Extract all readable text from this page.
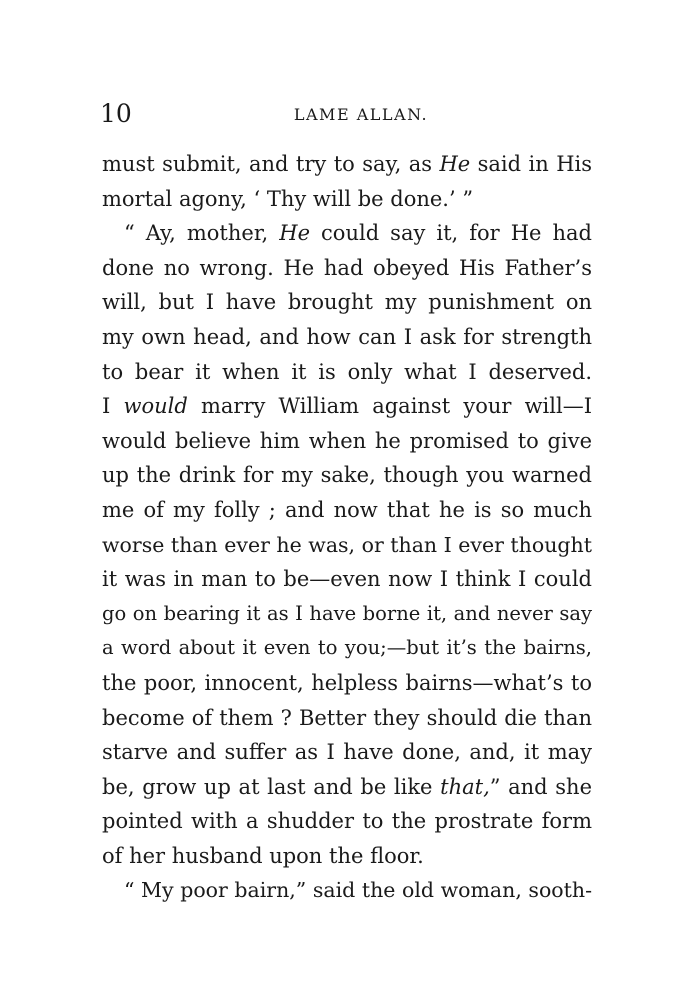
10	LAME ALLAN.
must submit, and try to say, as He said in His
mortal agony, ‘ Thy will be done.’ ”
“ Ay, mother, He could say it, for He had
done no wrong. He had obeyed His Father’s
will, but I have brought my punishment on
my own head, and how can I ask for strength
to bear it when it is only what I deserved.
I would marry William against your will—I
would believe him when he promised to give
up the drink for my sake, though you warned
me of my folly ; and now that he is so much
worse than ever he was, or than I ever thought
it was in man to be—even now I think I could
go on bearing it as I have borne it, and never say
a word about it even to you;—but it’s the bairns,
the poor, innocent, helpless bairns—what’s to
become of them ? Better they should die than
starve and suffer as I have done, and, it may
be, grow up at last and be like that,” and she
pointed with a shudder to the prostrate form
of her husband upon the floor.
“ My poor bairn,” said the old woman, sooth-
